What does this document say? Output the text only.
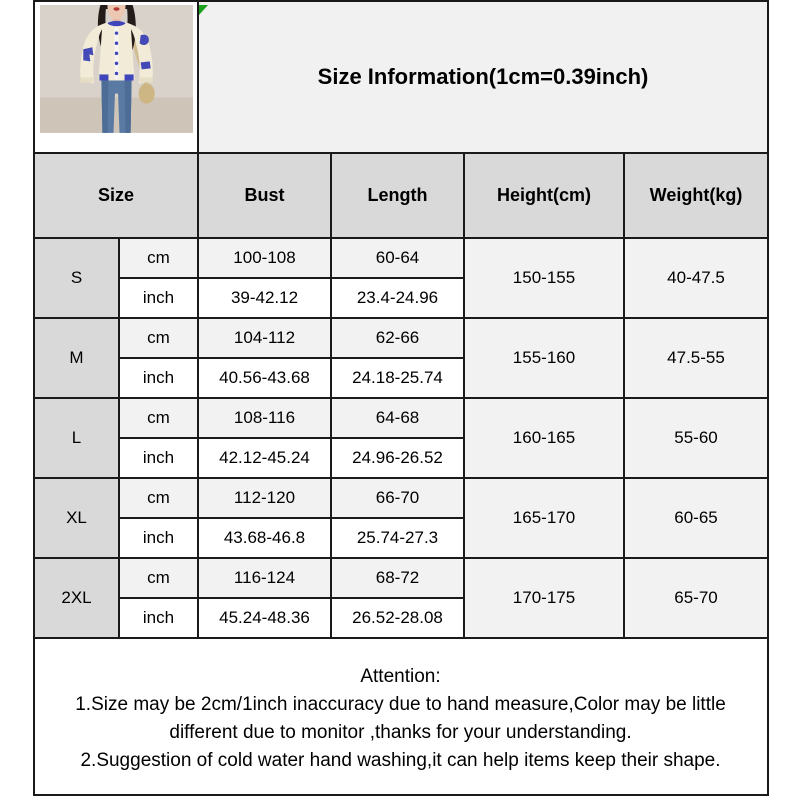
Size Information(1cm=0.39inch)			
Size		Bust	Length	Height(cm)	Weight(kg)
S	cm	100-108	60-64	150-155	40-47.5
	inch	39-42.12	23.4-24.96		
M	cm	104-112	62-66	155-160	47.5-55
	inch	40.56-43.68	24.18-25.74		
L	cm	108-116	64-68	160-165	55-60
	inch	42.12-45.24	24.96-26.52		
XL	cm	112-120	66-70	165-170	60-65
	inch	43.68-46.8	25.74-27.3		
2XL	cm	116-124	68-72	170-175	65-70
	inch	45.24-48.36	26.52-28.08		

Attention:
1.Size may be 2cm/1inch inaccuracy due to hand measure,Color may be little different due to monitor ,thanks for your understanding.
2.Suggestion of cold water hand washing,it can help items keep their shape.					
